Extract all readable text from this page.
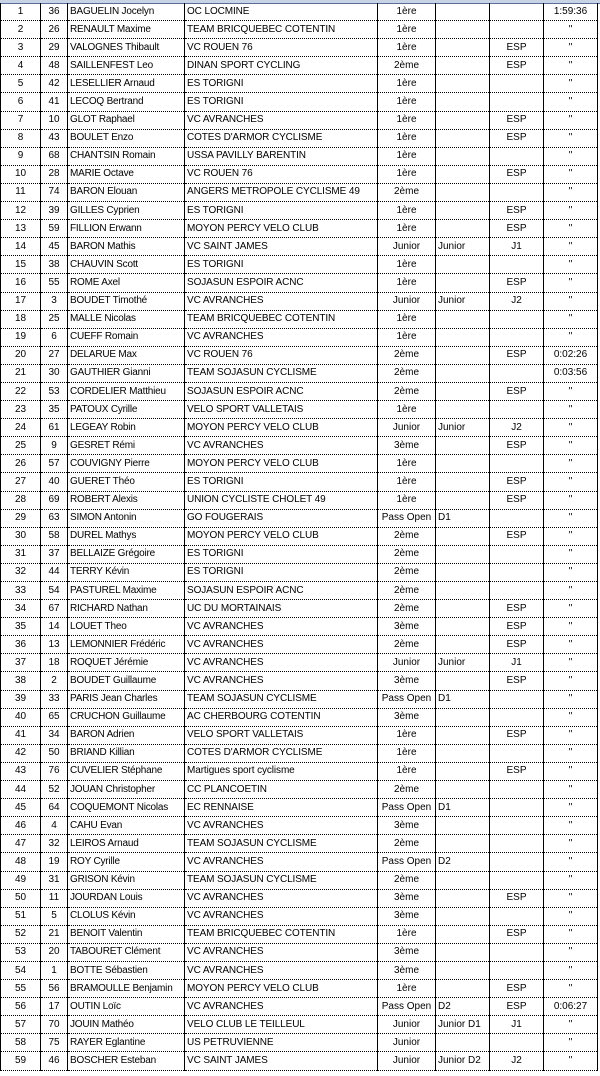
1	36	BAGUELIN Jocelyn	OC LOCMINE	1ère			1:59:36
2	26	RENAULT Maxime	TEAM BRICQUEBEC COTENTIN	1ère			"
3	29	VALOGNES Thibault	VC ROUEN 76	1ère		ESP	"
4	48	SAILLENFEST Leo	DINAN SPORT CYCLING	2ème		ESP	"
5	42	LESELLIER Arnaud	ES TORIGNI	1ère			"
6	41	LECOQ Bertrand	ES TORIGNI	1ère			"
7	10	GLOT Raphael	VC AVRANCHES	1ère		ESP	"
8	43	BOULET Enzo	COTES D'ARMOR CYCLISME	1ère		ESP	"
9	68	CHANTSIN Romain	USSA PAVILLY BARENTIN	1ère			"
10	28	MARIE Octave	VC ROUEN 76	1ère		ESP	"
11	74	BARON Elouan	ANGERS METROPOLE CYCLISME 49	2ème			"
12	39	GILLES Cyprien	ES TORIGNI	1ère		ESP	"
13	59	FILLION Erwann	MOYON PERCY VELO CLUB	1ère		ESP	"
14	45	BARON Mathis	VC SAINT JAMES	Junior	Junior	J1	"
15	38	CHAUVIN Scott	ES TORIGNI	1ère			"
16	55	ROME Axel	SOJASUN ESPOIR ACNC	1ère		ESP	"
17	3	BOUDET Timothé	VC AVRANCHES	Junior	Junior	J2	"
18	25	MALLE Nicolas	TEAM BRICQUEBEC COTENTIN	1ère			"
19	6	CUEFF Romain	VC AVRANCHES	1ère			"
20	27	DELARUE Max	VC ROUEN 76	2ème		ESP	0:02:26
21	30	GAUTHIER Gianni	TEAM SOJASUN CYCLISME	2ème			0:03:56
22	53	CORDELIER Matthieu	SOJASUN ESPOIR ACNC	2ème		ESP	"
23	35	PATOUX Cyrille	VELO SPORT VALLETAIS	1ère			"
24	61	LEGEAY Robin	MOYON PERCY VELO CLUB	Junior	Junior	J2	"
25	9	GESRET Rémi	VC AVRANCHES	3ème		ESP	"
26	57	COUVIGNY Pierre	MOYON PERCY VELO CLUB	1ère			"
27	40	GUERET Théo	ES TORIGNI	1ère		ESP	"
28	69	ROBERT Alexis	UNION CYCLISTE CHOLET 49	1ère		ESP	"
29	63	SIMON Antonin	GO FOUGERAIS	Pass Open	D1		"
30	58	DUREL Mathys	MOYON PERCY VELO CLUB	2ème		ESP	"
31	37	BELLAIZE Grégoire	ES TORIGNI	2ème			"
32	44	TERRY Kévin	ES TORIGNI	2ème			"
33	54	PASTUREL Maxime	SOJASUN ESPOIR ACNC	2ème			"
34	67	RICHARD Nathan	UC DU MORTAINAIS	2ème		ESP	"
35	14	LOUET Theo	VC AVRANCHES	3ème		ESP	"
36	13	LEMONNIER Frédéric	VC AVRANCHES	2ème		ESP	"
37	18	ROQUET Jérémie	VC AVRANCHES	Junior	Junior	J1	"
38	2	BOUDET Guillaume	VC AVRANCHES	3ème		ESP	"
39	33	PARIS Jean Charles	TEAM SOJASUN CYCLISME	Pass Open	D1		"
40	65	CRUCHON Guillaume	AC CHERBOURG COTENTIN	3ème			"
41	34	BARON Adrien	VELO SPORT VALLETAIS	1ère		ESP	"
42	50	BRIAND Killian	COTES D'ARMOR CYCLISME	1ère			"
43	76	CUVELIER Stéphane	Martigues sport cyclisme	1ère		ESP	"
44	52	JOUAN Christopher	CC PLANCOETIN	2ème			"
45	64	COQUEMONT Nicolas	EC RENNAISE	Pass Open	D1		"
46	4	CAHU Evan	VC AVRANCHES	3ème			"
47	32	LEIROS Arnaud	TEAM SOJASUN CYCLISME	2ème			"
48	19	ROY Cyrille	VC AVRANCHES	Pass Open	D2		"
49	31	GRISON Kévin	TEAM SOJASUN CYCLISME	2ème			"
50	11	JOURDAN Louis	VC AVRANCHES	3ème		ESP	"
51	5	CLOLUS Kévin	VC AVRANCHES	3ème			"
52	21	BENOIT Valentin	TEAM BRICQUEBEC COTENTIN	1ère		ESP	"
53	20	TABOURET Clément	VC AVRANCHES	3ème			"
54	1	BOTTE Sébastien	VC AVRANCHES	3ème			"
55	56	BRAMOULLE Benjamin	MOYON PERCY VELO CLUB	1ère		ESP	"
56	17	OUTIN Loïc	VC AVRANCHES	Pass Open	D2	ESP	0:06:27
57	70	JOUIN Mathéo	VELO CLUB LE TEILLEUL	Junior	Junior D1	J1	"
58	75	RAYER Eglantine	US PETRUVIENNE	Junior			"
59	46	BOSCHER Esteban	VC SAINT JAMES	Junior	Junior D2	J2	"
